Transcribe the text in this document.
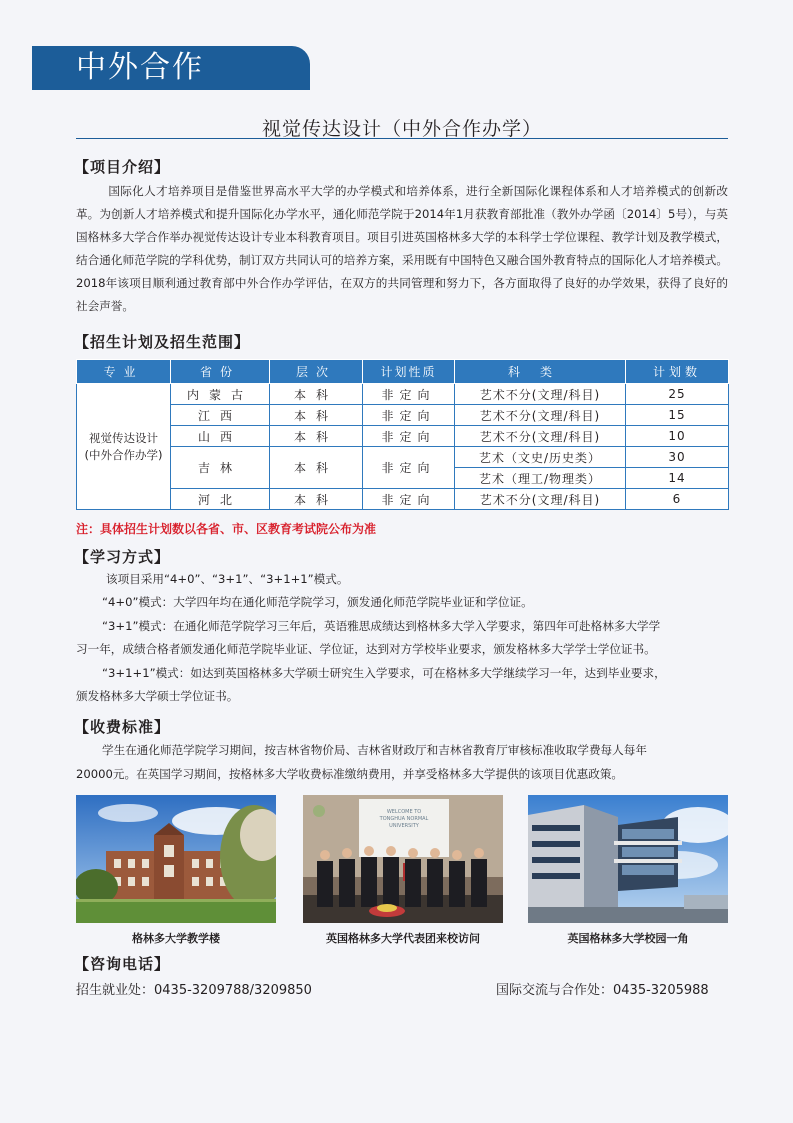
中外合作
视觉传达设计（中外合作办学）
【项目介绍】

国际化人才培养项目是借鉴世界高水平大学的办学模式和培养体系，进行全新国际化课程体系和人才培养模式的创新改革。为创新人才培养模式和提升国际化办学水平，通化师范学院于2014年1月获教育部批准（教外办学函〔2014〕5号），与英国格林多大学合作举办视觉传达设计专业本科教育项目。项目引进英国格林多大学的本科学士学位课程、教学计划及教学模式，结合通化师范学院的学科优势，制订双方共同认可的培养方案，采用既有中国特色又融合国外教育特点的国际化人才培养模式。2018年该项目顺利通过教育部中外合作办学评估，在双方的共同管理和努力下，各方面取得了良好的办学效果，获得了良好的社会声誉。

【招生计划及招生范围】
专业	省份	层次	计划性质	科类	计划数
视觉传达设计
(中外合作办学)	内蒙古	本科	非定向	艺术不分(文理/科目)	25
	江西	本科	非定向	艺术不分(文理/科目)	15
	山西	本科	非定向	艺术不分(文理/科目)	10
	吉林	本科	非定向	艺术（文史/历史类）	30
				艺术（理工/物理类）	14
	河北	本科	非定向	艺术不分(文理/科目)	6
注：具体招生计划数以各省、市、区教育考试院公布为准
【学习方式】
该项目采用“4+0”、“3+1”、“3+1+1”模式。
“4+0”模式：大学四年均在通化师范学院学习，颁发通化师范学院毕业证和学位证。
“3+1”模式：在通化师范学院学习三年后，英语雅思成绩达到格林多大学入学要求，第四年可赴格林多大学学
习一年，成绩合格者颁发通化师范学院毕业证、学位证，达到对方学校毕业要求，颁发格林多大学学士学位证书。
“3+1+1”模式：如达到英国格林多大学硕士研究生入学要求，可在格林多大学继续学习一年，达到毕业要求，
颁发格林多大学硕士学位证书。
【收费标准】
学生在通化师范学院学习期间，按吉林省物价局、吉林省财政厅和吉林省教育厅审核标准收取学费每人每年
20000元。在英国学习期间，按格林多大学收费标准缴纳费用，并享受格林多大学提供的该项目优惠政策。
WELCOME TO
TONGHUA NORMAL
UNIVERSITY
格林多大学教学楼	英国格林多大学代表团来校访问	英国格林多大学校园一角
【咨询电话】
招生就业处：0435-3209788/3209850	国际交流与合作处：0435-3205988
